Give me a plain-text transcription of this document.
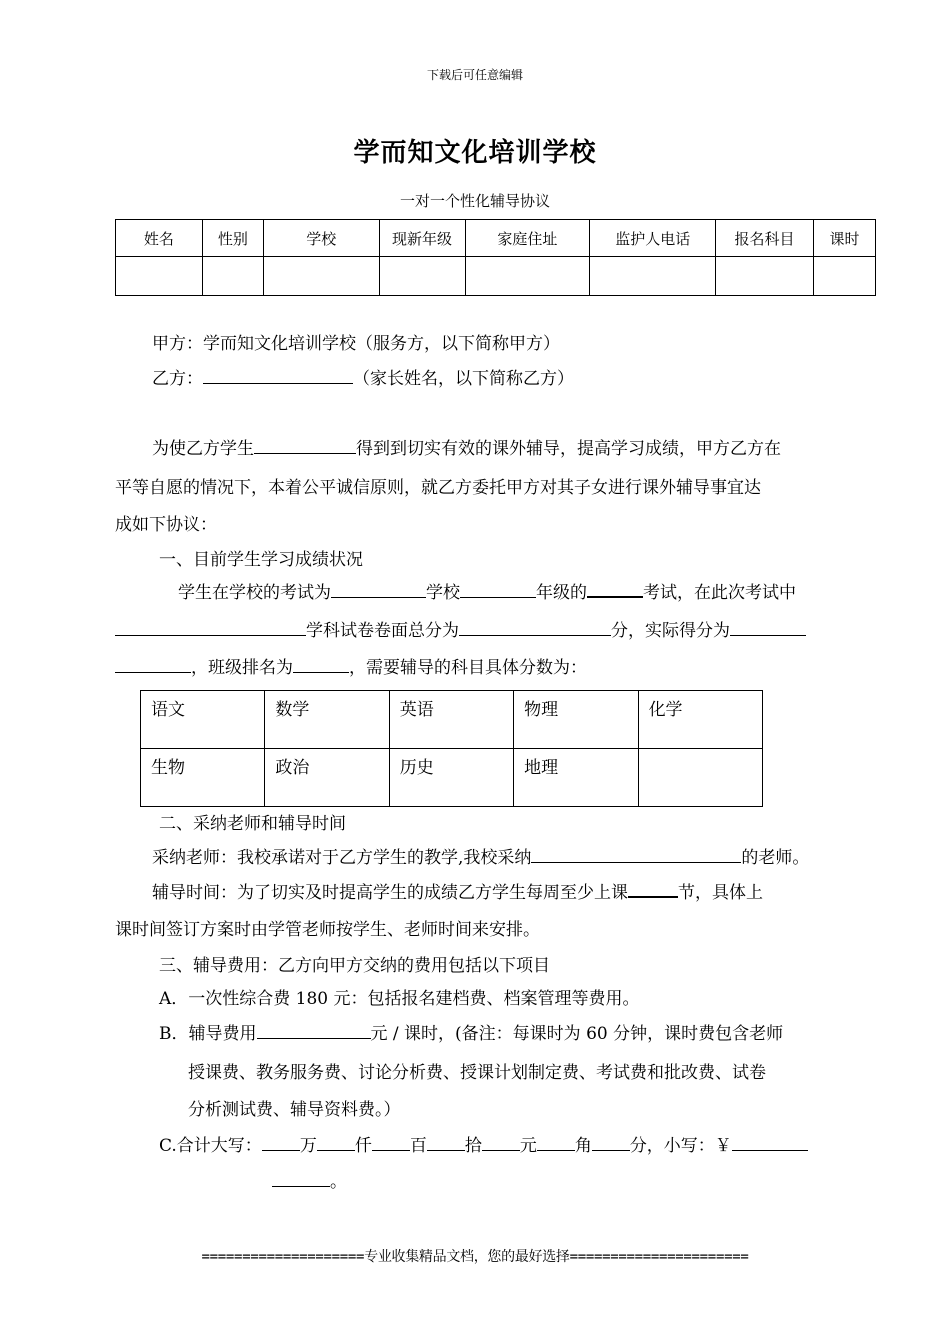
下载后可任意编辑
学而知文化培训学校
一对一个性化辅导协议
姓名	性别	学校	现新年级	家庭住址	监护人电话	报名科目	课时

甲方：学而知文化培训学校（服务方，以下简称甲方）
乙方：	（家长姓名，以下简称乙方）
为使乙方学生	得到到切实有效的课外辅导，提高学习成绩，甲方乙方在
平等自愿的情况下，本着公平诚信原则，就乙方委托甲方对其子女进行课外辅导事宜达
成如下协议：
一、目前学生学习成绩状况
学生在学校的考试为	学校	年级的	考试，在此次考试中
学科试卷卷面总分为	分，实际得分为
，班级排名为	，需要辅导的科目具体分数为：
语文	数学	英语	物理	化学
生物	政治	历史	地理	
二、采纳老师和辅导时间
采纳老师：我校承诺对于乙方学生的教学,我校采纳	的老师。
辅导时间：为了切实及时提高学生的成绩乙方学生每周至少上课	节，具体上
课时间签订方案时由学管老师按学生、老师时间来安排。
三、辅导费用：乙方向甲方交纳的费用包括以下项目
A．一次性综合费 180 元：包括报名建档费、档案管理等费用。
B．辅导费用	元 / 课时，(备注：每课时为 60 分钟，课时费包含老师
授课费、教务服务费、讨论分析费、授课计划制定费、考试费和批改费、试卷
分析测试费、辅导资料费。）
C.合计大写： 万 仟 百 拾 元 角 分，小写：￥
。
====================专业收集精品文档，您的最好选择======================
